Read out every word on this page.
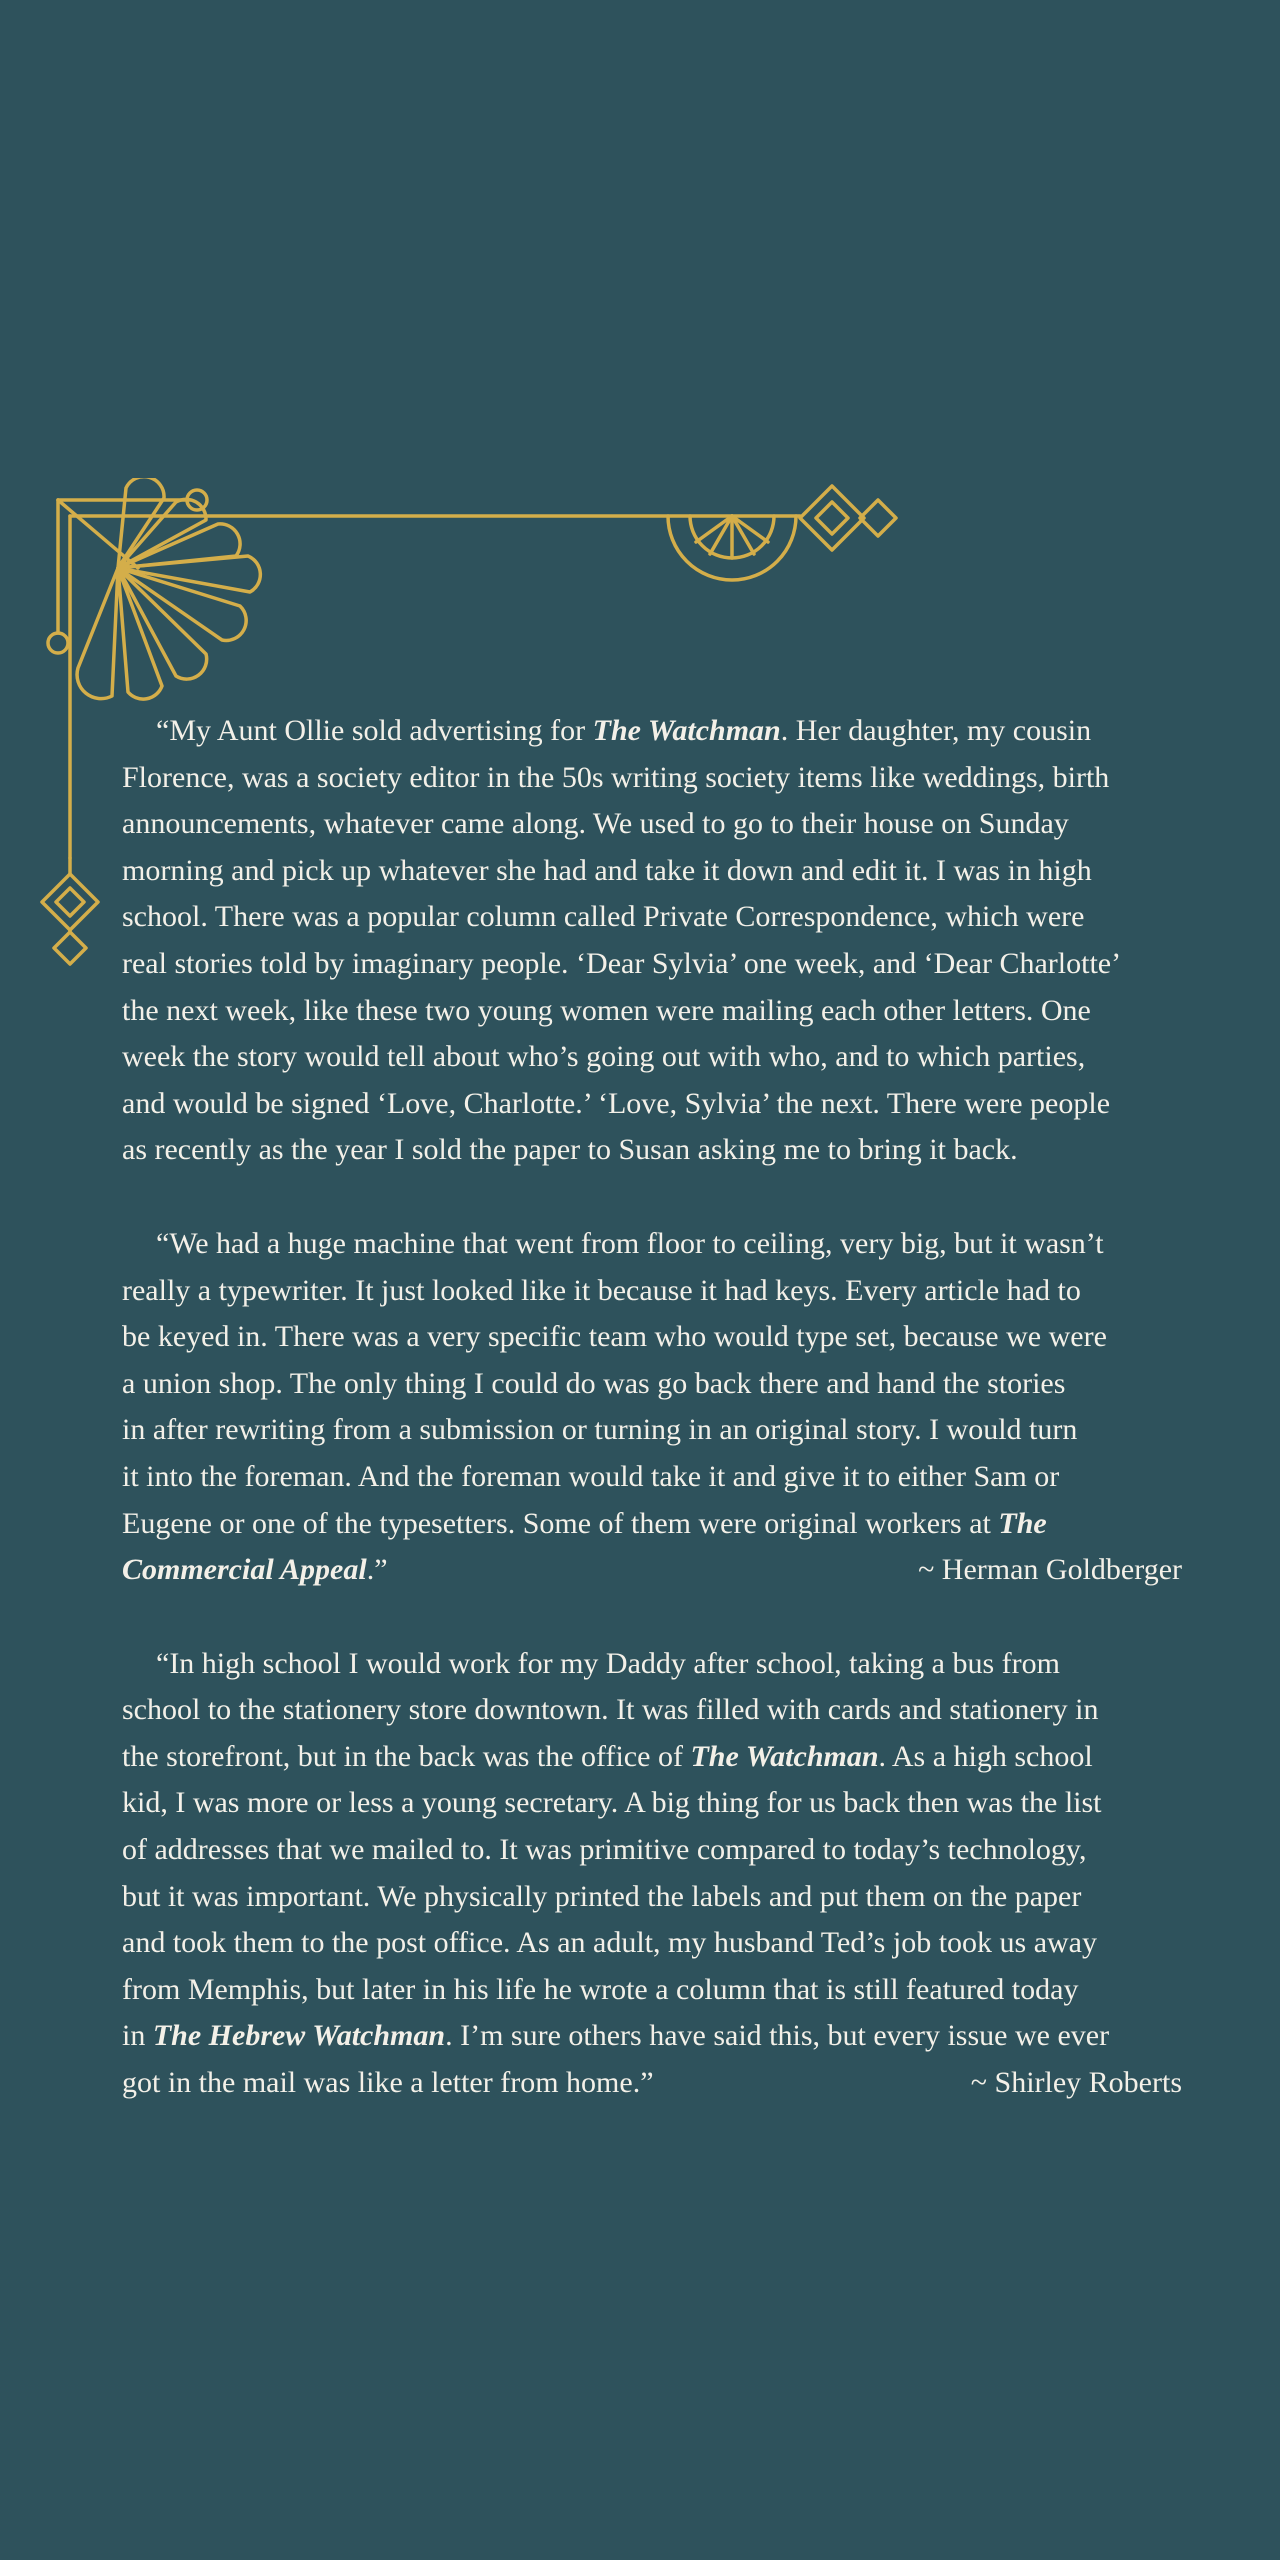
“My Aunt Ollie sold advertising for The Watchman. Her daughter, my cousin
Florence, was a society editor in the 50s writing society items like weddings, birth
announcements, whatever came along. We used to go to their house on Sunday
morning and pick up whatever she had and take it down and edit it. I was in high
school. There was a popular column called Private Correspondence, which were
real stories told by imaginary people. ‘Dear Sylvia’ one week, and ‘Dear Charlotte’
the next week, like these two young women were mailing each other letters. One
week the story would tell about who’s going out with who, and to which parties,
and would be signed ‘Love, Charlotte.’ ‘Love, Sylvia’ the next. There were people
as recently as the year I sold the paper to Susan asking me to bring it back.
“We had a huge machine that went from floor to ceiling, very big, but it wasn’t
really a typewriter. It just looked like it because it had keys. Every article had to
be keyed in. There was a very specific team who would type set, because we were
a union shop. The only thing I could do was go back there and hand the stories
in after rewriting from a submission or turning in an original story. I would turn
it into the foreman. And the foreman would take it and give it to either Sam or
Eugene or one of the typesetters. Some of them were original workers at The
Commercial Appeal.”	~ Herman Goldberger
“In high school I would work for my Daddy after school, taking a bus from
school to the stationery store downtown. It was filled with cards and stationery in
the storefront, but in the back was the office of The Watchman. As a high school
kid, I was more or less a young secretary. A big thing for us back then was the list
of addresses that we mailed to. It was primitive compared to today’s technology,
but it was important. We physically printed the labels and put them on the paper
and took them to the post office. As an adult, my husband Ted’s job took us away
from Memphis, but later in his life he wrote a column that is still featured today
in The Hebrew Watchman. I’m sure others have said this, but every issue we ever
got in the mail was like a letter from home.”	~ Shirley Roberts
